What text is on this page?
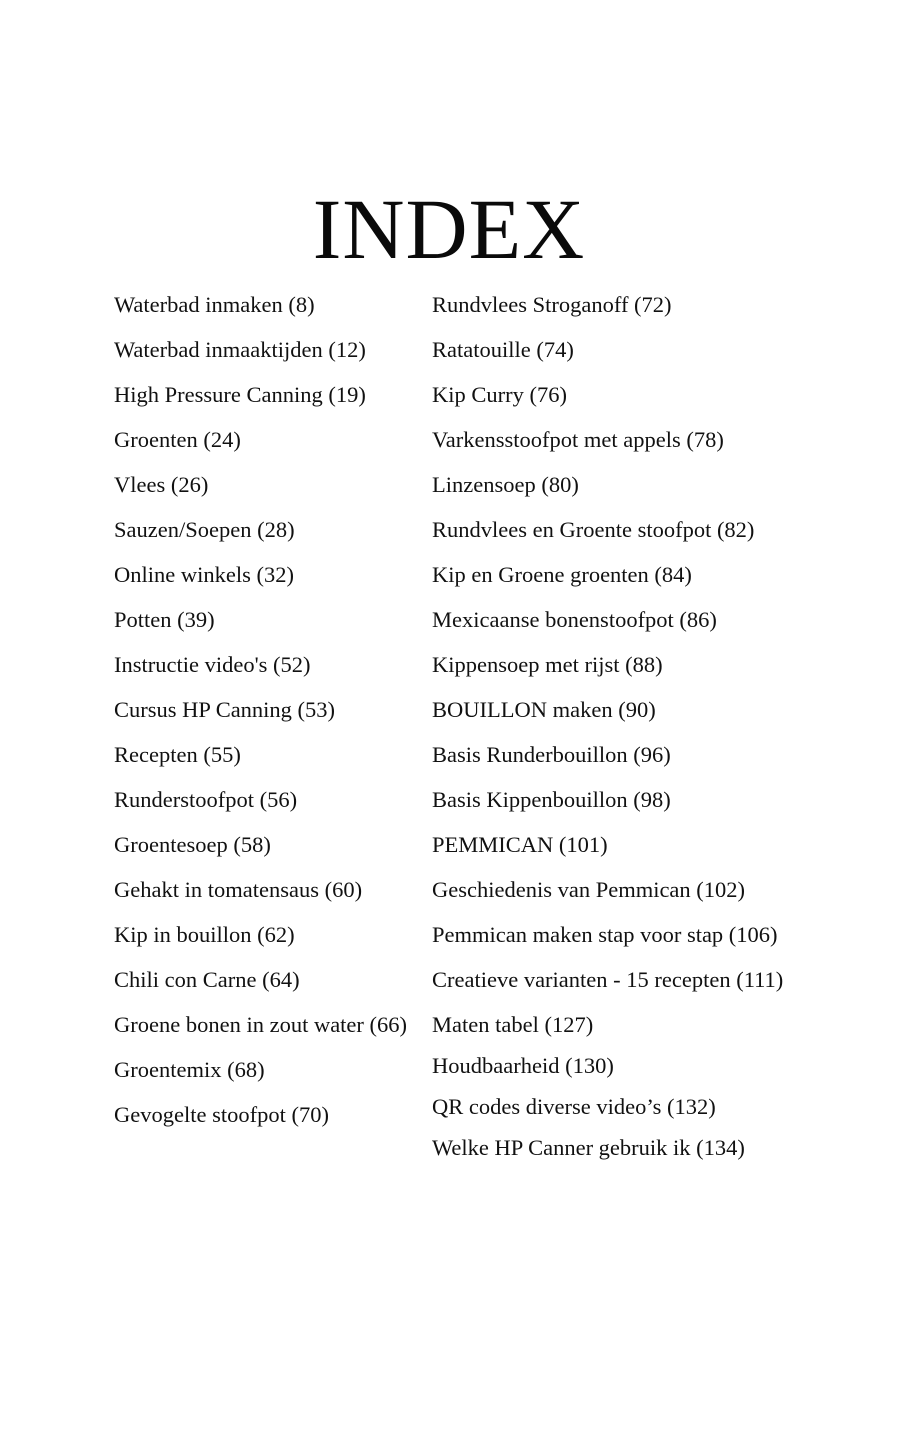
INDEX
Waterbad inmaken (8)
Waterbad inmaaktijden (12)
High Pressure Canning (19)
Groenten (24)
Vlees (26)
Sauzen/Soepen (28)
Online winkels (32)
Potten (39)
Instructie video's (52)
Cursus HP Canning (53)
Recepten (55)
Runderstoofpot (56)
Groentesoep (58)
Gehakt in tomatensaus (60)
Kip in bouillon (62)
Chili con Carne (64)
Groene bonen in zout water (66)
Groentemix (68)
Gevogelte stoofpot (70)
Rundvlees Stroganoff (72)
Ratatouille (74)
Kip Curry (76)
Varkensstoofpot met appels (78)
Linzensoep (80)
Rundvlees en Groente stoofpot (82)
Kip en Groene groenten (84)
Mexicaanse bonenstoofpot (86)
Kippensoep met rijst (88)
BOUILLON maken (90)
Basis Runderbouillon (96)
Basis Kippenbouillon (98)
PEMMICAN (101)
Geschiedenis van Pemmican (102)
Pemmican maken stap voor stap (106)
Creatieve varianten - 15 recepten (111)
Maten tabel (127)
Houdbaarheid (130)
QR codes diverse video’s (132)
Welke HP Canner gebruik ik (134)
